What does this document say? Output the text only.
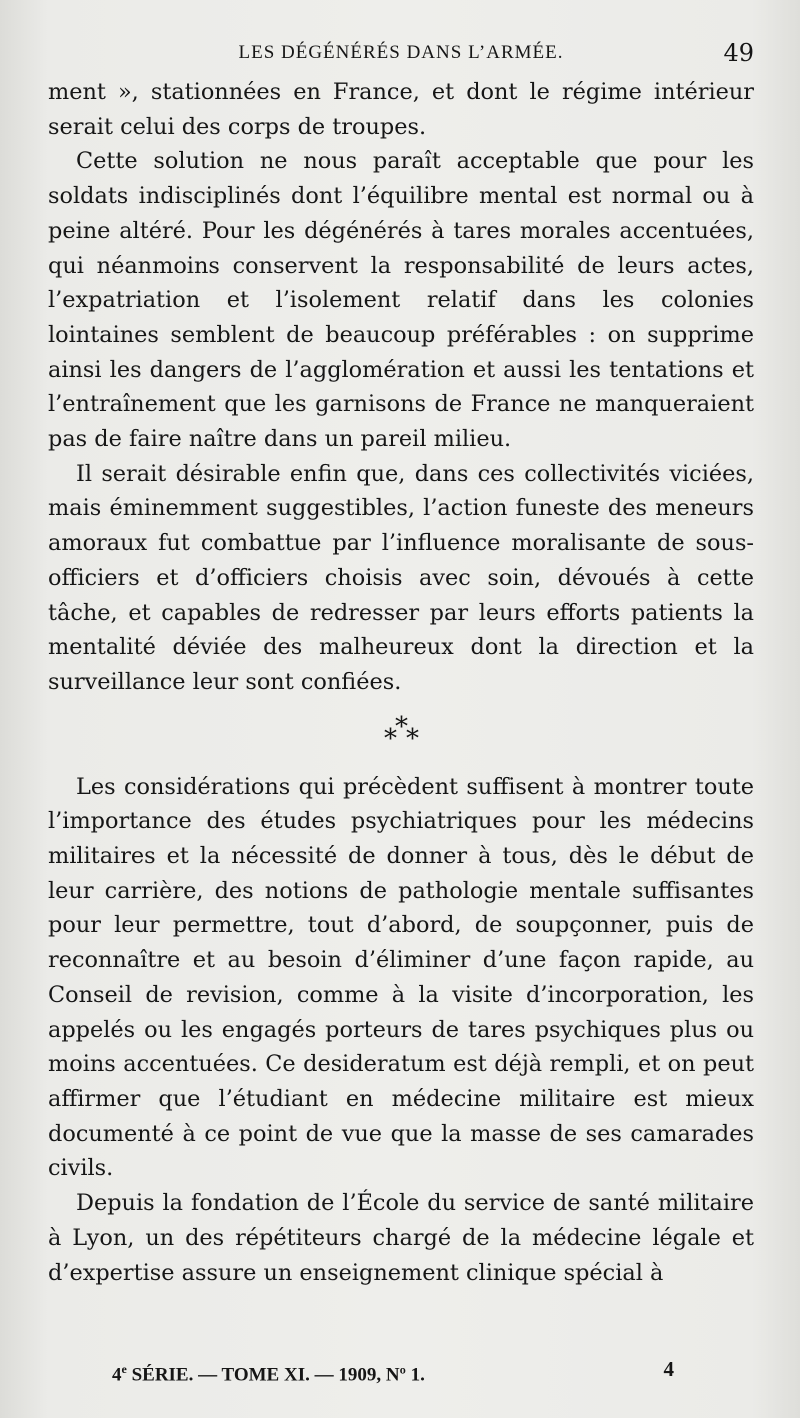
LES DÉGÉNÉRÉS DANS L’ARMÉE.	49

ment », stationnées en France, et dont le régime intérieur serait celui des corps de troupes.

Cette solution ne nous paraît acceptable que pour les soldats indisciplinés dont l’équilibre mental est normal ou à peine altéré. Pour les dégénérés à tares morales accentuées, qui néanmoins conservent la responsabilité de leurs actes, l’expatriation et l’isolement relatif dans les colonies lointaines semblent de beaucoup préférables : on supprime ainsi les dangers de l’agglomération et aussi les tentations et l’entraînement que les garnisons de France ne manqueraient pas de faire naître dans un pareil milieu.

Il serait désirable enfin que, dans ces collectivités viciées, mais éminemment suggestibles, l’action funeste des meneurs amoraux fut combattue par l’influence moralisante de sous-officiers et d’officiers choisis avec soin, dévoués à cette tâche, et capables de redresser par leurs efforts patients la mentalité déviée des malheureux dont la direction et la surveillance leur sont confiées.

*
*
*

Les considérations qui précèdent suffisent à montrer toute l’importance des études psychiatriques pour les médecins militaires et la nécessité de donner à tous, dès le début de leur carrière, des notions de pathologie mentale suffisantes pour leur permettre, tout d’abord, de soupçonner, puis de reconnaître et au besoin d’éliminer d’une façon rapide, au Conseil de revision, comme à la visite d’incorporation, les appelés ou les engagés porteurs de tares psychiques plus ou moins accentuées. Ce desideratum est déjà rempli, et on peut affirmer que l’étudiant en médecine militaire est mieux documenté à ce point de vue que la masse de ses camarades civils.

Depuis la fondation de l’École du service de santé militaire à Lyon, un des répétiteurs chargé de la médecine légale et d’expertise assure un enseignement clinique spécial à

4e SÉRIE. — TOME XI. — 1909, Nº 1.	4
